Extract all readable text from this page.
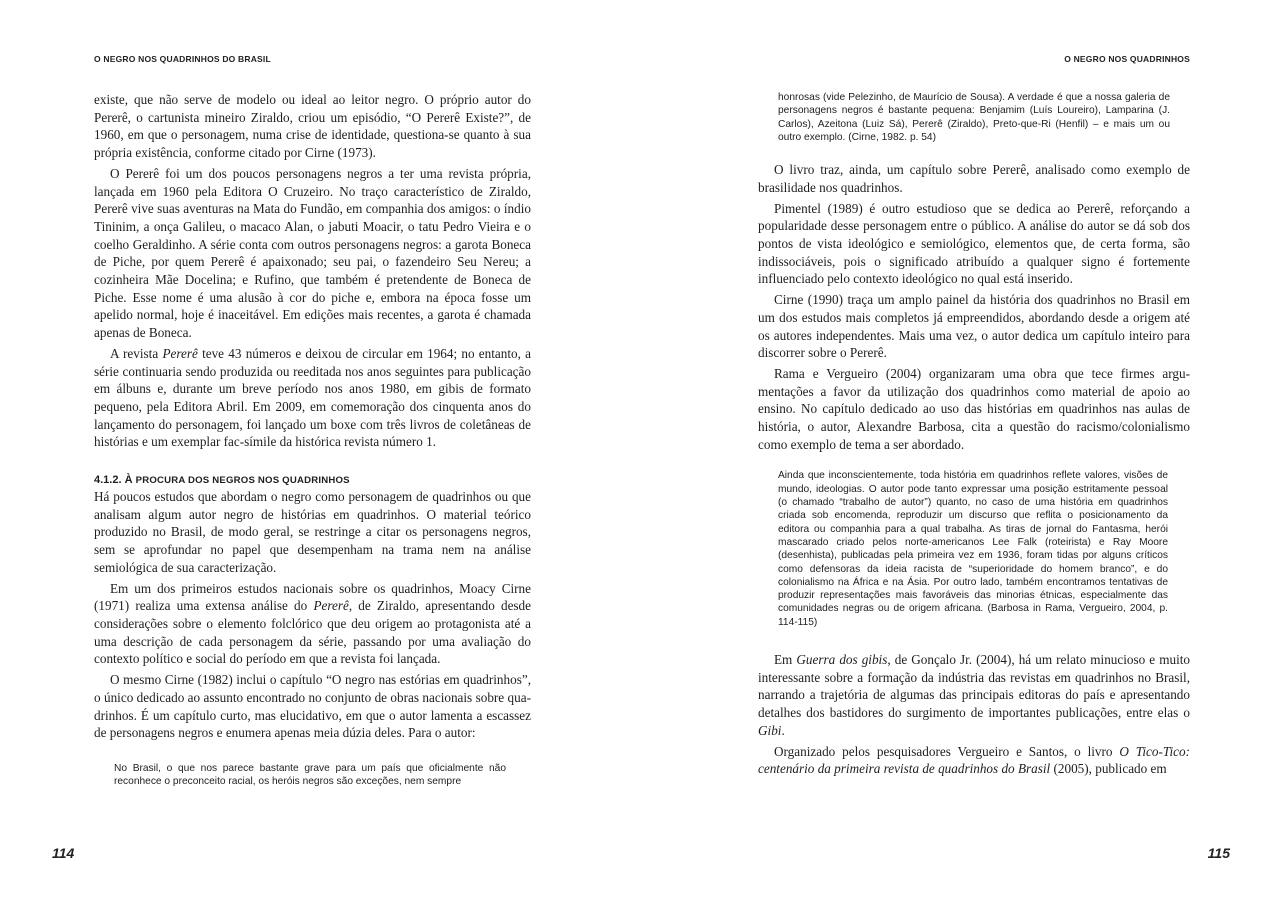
O NEGRO NOS QUADRINHOS DO BRASIL

existe, que não serve de modelo ou ideal ao leitor negro. O próprio autor do Pererê, o cartunista mineiro Ziraldo, criou um episódio, “O Pererê Existe?”, de 1960, em que o personagem, numa crise de identidade, questiona-se quanto à sua própria existência, conforme citado por Cirne (1973).

O Pererê foi um dos poucos personagens negros a ter uma revista própria, lançada em 1960 pela Editora O Cruzeiro. No traço característico de Ziraldo, Pererê vive suas aventuras na Mata do Fundão, em companhia dos amigos: o índio Tininim, a onça Galileu, o macaco Alan, o jabuti Moacir, o tatu Pedro Vieira e o coelho Geraldinho. A série conta com outros personagens negros: a garota Boneca de Piche, por quem Pererê é apaixonado; seu pai, o fazendeiro Seu Nereu; a cozinheira Mãe Docelina; e Rufino, que também é pretendente de Boneca de Piche. Esse nome é uma alusão à cor do piche e, embora na época fosse um apelido normal, hoje é inaceitável. Em edições mais recentes, a garota é chamada apenas de Boneca.

A revista Pererê teve 43 números e deixou de circular em 1964; no entanto, a série continuaria sendo produzida ou reeditada nos anos seguintes para publicação em álbuns e, durante um breve período nos anos 1980, em gibis de formato pequeno, pela Editora Abril. Em 2009, em comemoração dos cinquenta anos do lançamento do personagem, foi lançado um boxe com três livros de coletâneas de histórias e um exemplar fac-símile da histórica revista número 1.

4.1.2. À PROCURA DOS NEGROS NOS QUADRINHOS

Há poucos estudos que abordam o negro como personagem de quadrinhos ou que analisam algum autor negro de histórias em quadrinhos. O material teórico produzido no Brasil, de modo geral, se restringe a citar os personagens negros, sem se aprofundar no papel que desempenham na trama nem na análise semiológica de sua caracterização.

Em um dos primeiros estudos nacionais sobre os quadrinhos, Moacy Cirne (1971) realiza uma extensa análise do Pererê, de Ziraldo, apresentando desde considerações sobre o elemento folclórico que deu origem ao protagonista até a uma descrição de cada personagem da série, passando por uma avaliação do contexto político e social do período em que a revista foi lançada.

O mesmo Cirne (1982) inclui o capítulo “O negro nas estórias em quadrinhos”, o único dedicado ao assunto encontrado no conjunto de obras nacionais sobre quadrinhos. É um capítulo curto, mas elucidativo, em que o autor lamenta a escassez de personagens negros e enumera apenas meia dúzia deles. Para o autor:

No Brasil, o que nos parece bastante grave para um país que oficialmente não reconhece o preconceito racial, os heróis negros são exceções, nem sempre

114
O NEGRO NOS QUADRINHOS

honrosas (vide Pelezinho, de Maurício de Sousa). A verdade é que a nossa galeria de personagens negros é bastante pequena: Benjamim (Luís Loureiro), Lamparina (J. Carlos), Azeitona (Luiz Sá), Pererê (Ziraldo), Preto-que-Ri (Henfil) – e mais um ou outro exemplo. (Cirne, 1982. p. 54)

O livro traz, ainda, um capítulo sobre Pererê, analisado como exemplo de brasilidade nos quadrinhos.

Pimentel (1989) é outro estudioso que se dedica ao Pererê, reforçando a popularidade desse personagem entre o público. A análise do autor se dá sob dos pontos de vista ideológico e semiológico, elementos que, de certa forma, são indissociáveis, pois o significado atribuído a qualquer signo é fortemente influenciado pelo contexto ideológico no qual está inserido.

Cirne (1990) traça um amplo painel da história dos quadrinhos no Brasil em um dos estudos mais completos já empreendidos, abordando desde a origem até os autores independentes. Mais uma vez, o autor dedica um capítulo inteiro para discorrer sobre o Pererê.

Rama e Vergueiro (2004) organizaram uma obra que tece firmes argumentações a favor da utilização dos quadrinhos como material de apoio ao ensino. No capítulo dedicado ao uso das histórias em quadrinhos nas aulas de história, o autor, Alexandre Barbosa, cita a questão do racismo/colonialismo como exemplo de tema a ser abordado.

Ainda que inconscientemente, toda história em quadrinhos reflete valores, visões de mundo, ideologias. O autor pode tanto expressar uma posição estritamente pessoal (o chamado “trabalho de autor”) quanto, no caso de uma história em quadrinhos criada sob encomenda, reproduzir um discurso que reflita o posicionamento da editora ou companhia para a qual trabalha. As tiras de jornal do Fantasma, herói mascarado criado pelos norte-americanos Lee Falk (roteirista) e Ray Moore (desenhista), publicadas pela primeira vez em 1936, foram tidas por alguns críticos como defensoras da ideia racista de “superioridade do homem branco”, e do colonialismo na África e na Ásia. Por outro lado, também encontramos tentativas de produzir representações mais favoráveis das minorias étnicas, especialmente das comunidades negras ou de origem africana. (Barbosa in Rama, Vergueiro, 2004, p. 114-115)

Em Guerra dos gibis, de Gonçalo Jr. (2004), há um relato minucioso e muito interessante sobre a formação da indústria das revistas em quadrinhos no Brasil, narrando a trajetória de algumas das principais editoras do país e apresentando detalhes dos bastidores do surgimento de importantes publicações, entre elas o Gibi.

Organizado pelos pesquisadores Vergueiro e Santos, o livro O Tico-Tico: centenário da primeira revista de quadrinhos do Brasil (2005), publicado em

115
